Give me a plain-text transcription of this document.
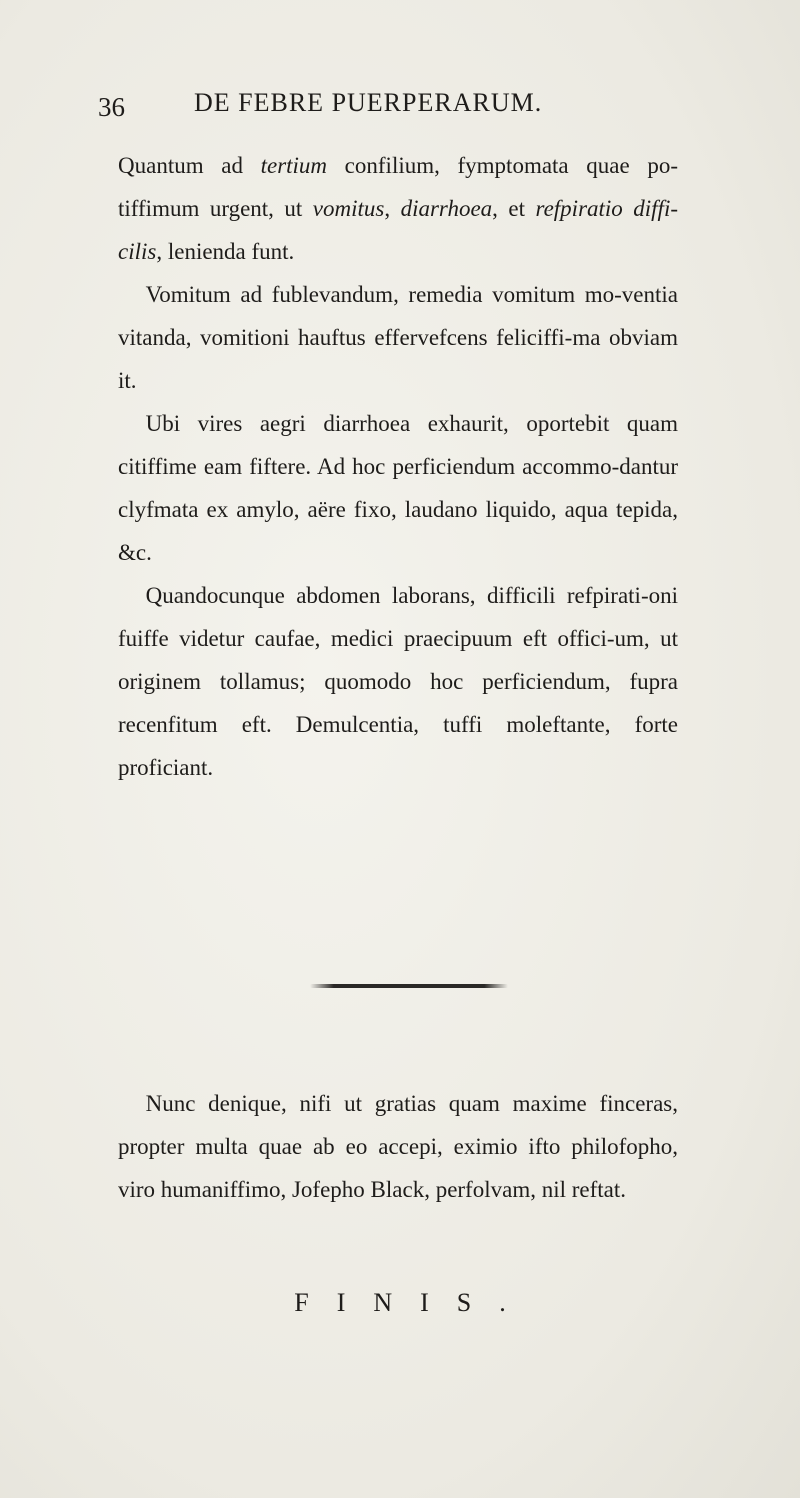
36	DE FEBRE PUERPERARUM.

Quantum ad tertium confilium, fymptomata quae po-tiffimum urgent, ut vomitus, diarrhoea, et refpiratio diffi-cilis, lenienda funt.

Vomitum ad fublevandum, remedia vomitum mo-ventia vitanda, vomitioni hauftus effervefcens feliciffi-ma obviam it.

Ubi vires aegri diarrhoea exhaurit, oportebit quam citiffime eam fiftere. Ad hoc perficiendum accommo-dantur clyfmata ex amylo, aëre fixo, laudano liquido, aqua tepida, &c.

Quandocunque abdomen laborans, difficili refpirati-oni fuiffe videtur caufae, medici praecipuum eft offici-um, ut originem tollamus; quomodo hoc perficiendum, fupra recenfitum eft. Demulcentia, tuffi moleftante, forte proficiant.

Nunc denique, nifi ut gratias quam maxime finceras, propter multa quae ab eo accepi, eximio ifto philofopho, viro humaniffimo, Jofepho Black, perfolvam, nil reftat.

FINIS.
